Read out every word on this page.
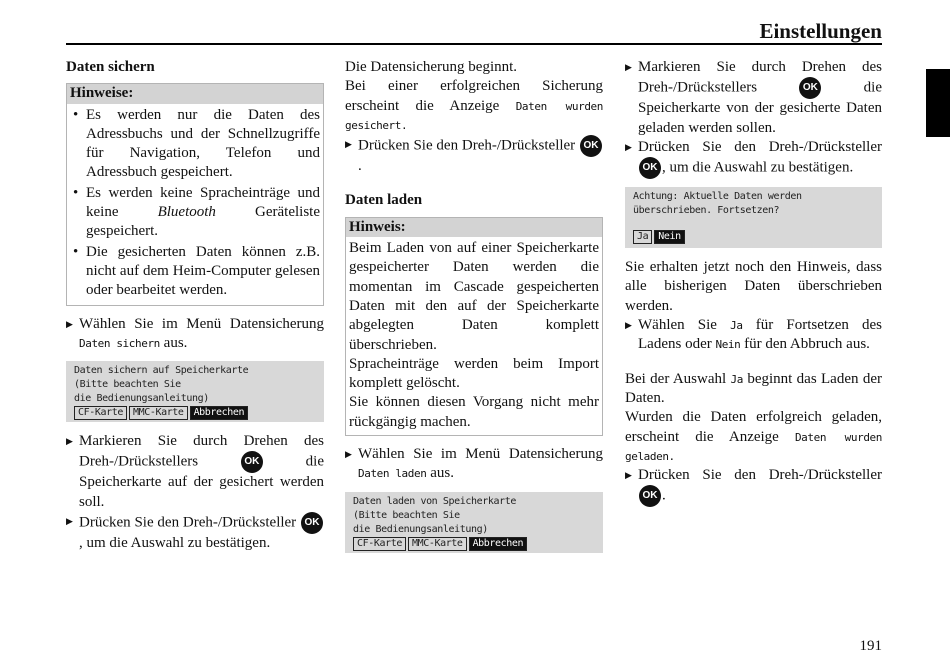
Einstellungen
Daten sichern
Hinweise:
• Es werden nur die Daten des Adressbuchs und der Schnellzugriffe für Navigation, Telefon und Adressbuch gespeichert.
• Es werden keine Spracheinträge und keine Bluetooth Geräteliste gespeichert.
• Die gesicherten Daten können z.B. nicht auf dem Heim-Computer gelesen oder bearbeitet werden.
▶ Wählen Sie im Menü Datensicherung Daten sichern aus.
Daten sichern auf Speicherkarte
(Bitte beachten Sie
die Bedienungsanleitung)
CF-Karte MMC-Karte Abbrechen
▶ Markieren Sie durch Drehen des Dreh-/Drückstellers OK die Speicherkarte auf der gesichert werden soll.
▶ Drücken Sie den Dreh-/Drücksteller OK, um die Auswahl zu bestätigen.

Die Datensicherung beginnt.

Bei einer erfolgreichen Sicherung erscheint die Anzeige Daten wurden gesichert.

▶ Drücken Sie den Dreh-/Drücksteller OK.
Daten laden
Hinweis:

Beim Laden von auf einer Speicherkarte gespeicherter Daten werden die momentan im Cascade gespeicherten Daten mit den auf der Speicherkarte abgelegten Daten komplett überschrieben.

Spracheinträge werden beim Import komplett gelöscht.

Sie können diesen Vorgang nicht mehr rückgängig machen.

▶ Wählen Sie im Menü Datensicherung Daten laden aus.
Daten laden von Speicherkarte
(Bitte beachten Sie
die Bedienungsanleitung)
CF-Karte MMC-Karte Abbrechen
▶ Markieren Sie durch Drehen des Dreh-/Drückstellers OK die Speicherkarte von der gesicherte Daten geladen werden sollen.
▶ Drücken Sie den Dreh-/Drücksteller OK , um die Auswahl zu bestätigen.
Achtung: Aktuelle Daten werden
überschrieben. Fortsetzen?
Ja Nein

Sie erhalten jetzt noch den Hinweis, dass alle bisherigen Daten überschrieben werden.

▶ Wählen Sie Ja für Fortsetzen des Ladens oder Nein für den Abbruch aus.

Bei der Auswahl Ja beginnt das Laden der Daten.

Wurden die Daten erfolgreich geladen, erscheint die Anzeige Daten wurden geladen.

▶ Drücken Sie den Dreh-/Drücksteller OK .
191
